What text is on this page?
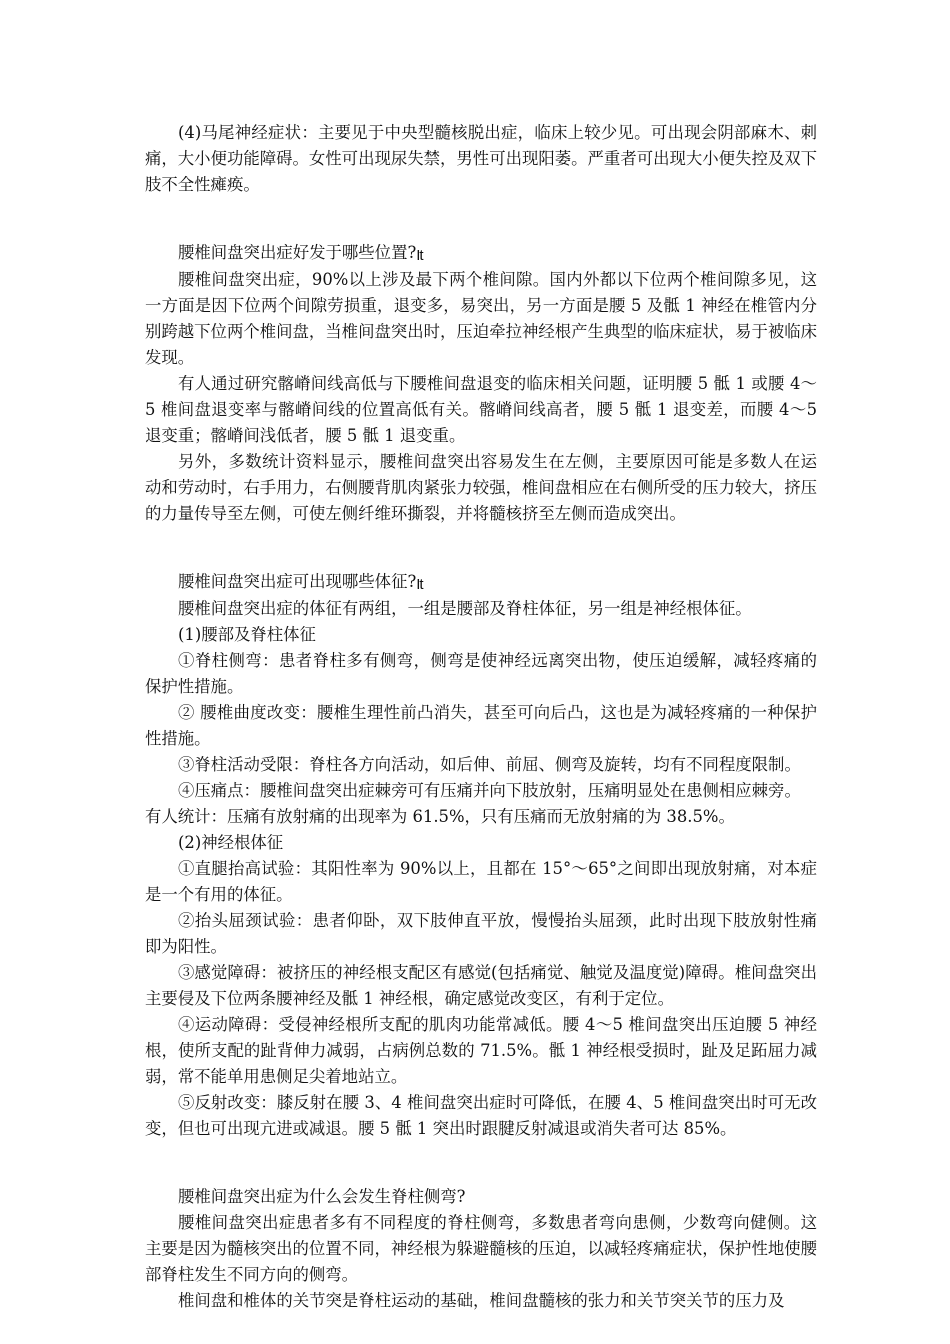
(4)马尾神经症状：主要见于中央型髓核脱出症，临床上较少见。可出现会阴部麻木、刺痛，大小便功能障碍。女性可出现尿失禁，男性可出现阳萎。严重者可出现大小便失控及双下肢不全性瘫痪。

腰椎间盘突出症好发于哪些位置?It

腰椎间盘突出症，90%以上涉及最下两个椎间隙。国内外都以下位两个椎间隙多见，这一方面是因下位两个间隙劳损重，退变多，易突出，另一方面是腰 5 及骶 1 神经在椎管内分别跨越下位两个椎间盘，当椎间盘突出时，压迫牵拉神经根产生典型的临床症状，易于被临床发现。

有人通过研究髂嵴间线高低与下腰椎间盘退变的临床相关问题，证明腰 5 骶 1 或腰 4～5 椎间盘退变率与髂嵴间线的位置高低有关。髂嵴间线高者，腰 5 骶 1 退变差，而腰 4～5 退变重；髂嵴间浅低者，腰 5 骶 1 退变重。

另外，多数统计资料显示，腰椎间盘突出容易发生在左侧，主要原因可能是多数人在运动和劳动时，右手用力，右侧腰背肌肉紧张力较强，椎间盘相应在右侧所受的压力较大，挤压的力量传导至左侧，可使左侧纤维环撕裂，并将髓核挤至左侧而造成突出。

腰椎间盘突出症可出现哪些体征?It

腰椎间盘突出症的体征有两组，一组是腰部及脊柱体征，另一组是神经根体征。

(1)腰部及脊柱体征

①脊柱侧弯：患者脊柱多有侧弯，侧弯是使神经远离突出物，使压迫缓解，减轻疼痛的保护性措施。

② 腰椎曲度改变：腰椎生理性前凸消失，甚至可向后凸，这也是为减轻疼痛的一种保护性措施。

③脊柱活动受限：脊柱各方向活动，如后伸、前屈、侧弯及旋转，均有不同程度限制。

④压痛点：腰椎间盘突出症棘旁可有压痛并向下肢放射，压痛明显处在患侧相应棘旁。

有人统计：压痛有放射痛的出现率为 61.5%，只有压痛而无放射痛的为 38.5%。

(2)神经根体征

①直腿抬高试验：其阳性率为 90%以上，且都在 15°～65°之间即出现放射痛，对本症是一个有用的体征。

②抬头屈颈试验：患者仰卧，双下肢伸直平放，慢慢抬头屈颈，此时出现下肢放射性痛即为阳性。

③感觉障碍：被挤压的神经根支配区有感觉(包括痛觉、触觉及温度觉)障碍。椎间盘突出主要侵及下位两条腰神经及骶 1 神经根，确定感觉改变区，有利于定位。

④运动障碍：受侵神经根所支配的肌肉功能常减低。腰 4～5 椎间盘突出压迫腰 5 神经根，使所支配的趾背伸力减弱，占病例总数的 71.5%。骶 1 神经根受损时，趾及足跖屈力减弱，常不能单用患侧足尖着地站立。

⑤反射改变：膝反射在腰 3、4 椎间盘突出症时可降低，在腰 4、5 椎间盘突出时可无改变，但也可出现亢进或减退。腰 5 骶 1 突出时跟腱反射减退或消失者可达 85%。

腰椎间盘突出症为什么会发生脊柱侧弯?

腰椎间盘突出症患者多有不同程度的脊柱侧弯，多数患者弯向患侧，少数弯向健侧。这主要是因为髓核突出的位置不同，神经根为躲避髓核的压迫，以减轻疼痛症状，保护性地使腰部脊柱发生不同方向的侧弯。

椎间盘和椎体的关节突是脊柱运动的基础，椎间盘髓核的张力和关节突关节的压力及
